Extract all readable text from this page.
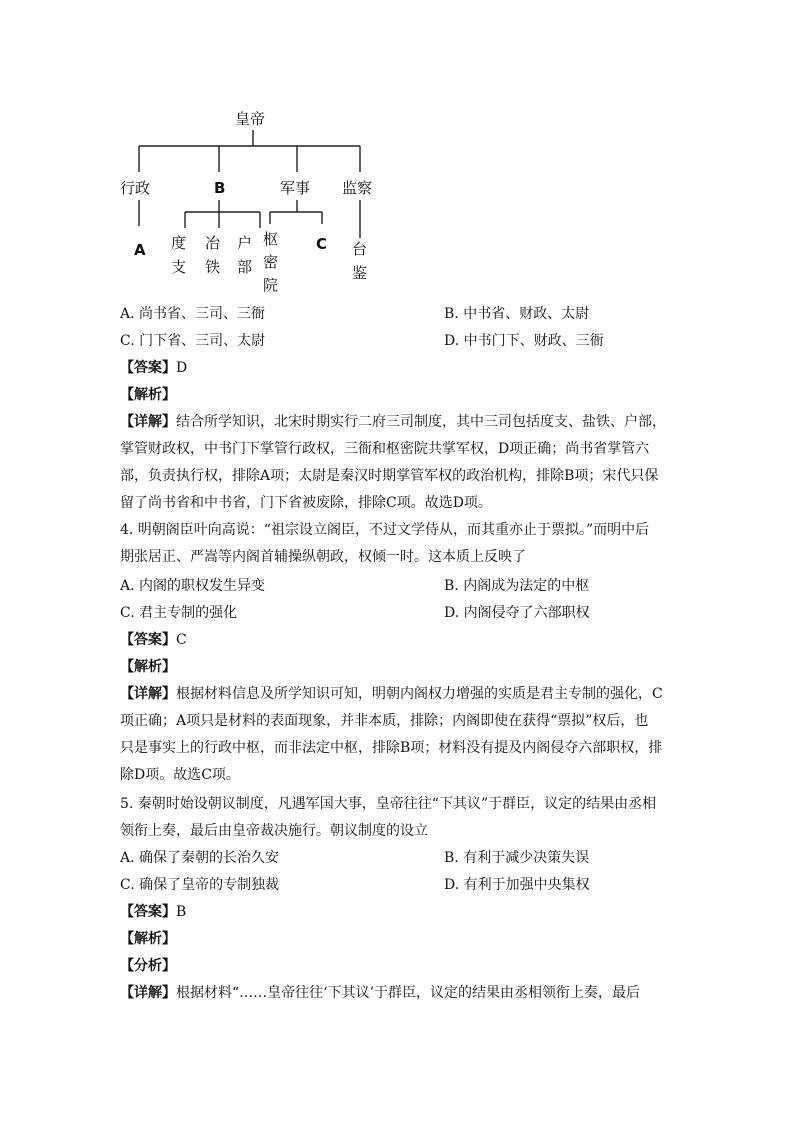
皇帝
行政	B	军事 监察
A 度
支
冶
铁
户
部
枢
密
院
C 台
鉴
A. 尚书省、三司、三衙	B. 中书省、财政、太尉
C. 门下省、三司、太尉	D. 中书门下、财政、三衙
【答案】D
【解析】
【详解】结合所学知识，北宋时期实行二府三司制度，其中三司包括度支、盐铁、户部，
掌管财政权，中书门下掌管行政权，三衙和枢密院共掌军权，D项正确；尚书省掌管六
部，负责执行权，排除A项；太尉是秦汉时期掌管军权的政治机构，排除B项；宋代只保
留了尚书省和中书省，门下省被废除，排除C项。故选D项。
4. 明朝阁臣叶向高说：“祖宗设立阁臣，不过文学侍从，而其重亦止于票拟。”而明中后
期张居正、严嵩等内阁首辅操纵朝政，权倾一时。这本质上反映了
A. 内阁的职权发生异变	B. 内阁成为法定的中枢
C. 君主专制的强化	D. 内阁侵夺了六部职权
【答案】C
【解析】
【详解】根据材料信息及所学知识可知，明朝内阁权力增强的实质是君主专制的强化，C
项正确；A项只是材料的表面现象，并非本质，排除；内阁即使在获得“票拟”权后，也
只是事实上的行政中枢，而非法定中枢，排除B项；材料没有提及内阁侵夺六部职权，排
除D项。故选C项。
5. 秦朝时始设朝议制度，凡遇军国大事，皇帝往往“下其议”于群臣，议定的结果由丞相
领衔上奏，最后由皇帝裁决施行。朝议制度的设立
A. 确保了秦朝的长治久安	B. 有利于减少决策失误
C. 确保了皇帝的专制独裁	D. 有利于加强中央集权
【答案】B
【解析】
【分析】
【详解】根据材料“……皇帝往往‘下其议’于群臣，议定的结果由丞相领衔上奏，最后
